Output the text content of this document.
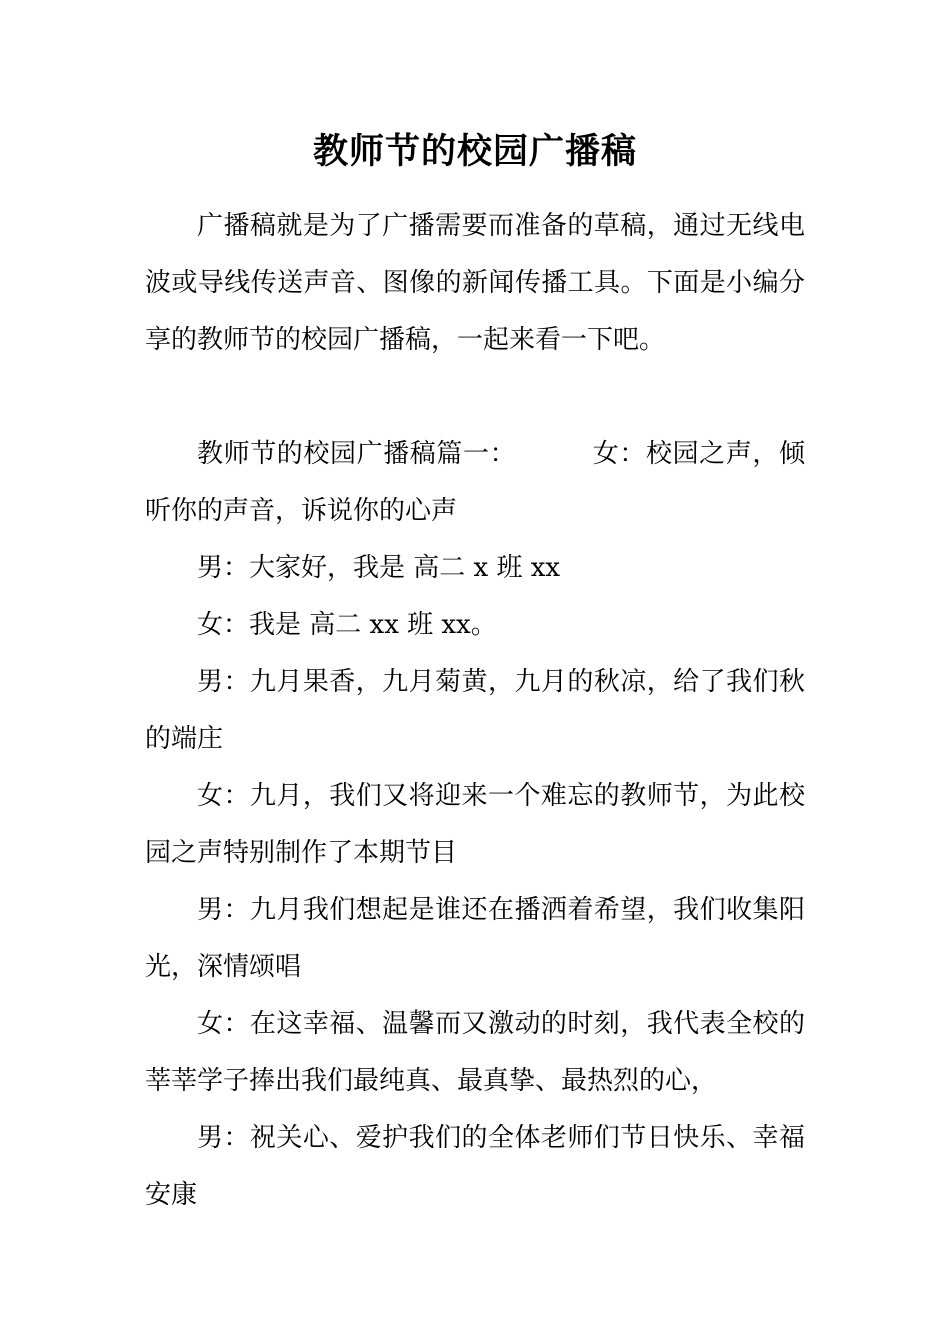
教师节的校园广播稿

广播稿就是为了广播需要而准备的草稿，通过无线电波或导线传送声音、图像的新闻传播工具。下面是小编分享的教师节的校园广播稿，一起来看一下吧。

教师节的校园广播稿篇一：	女：校园之声，倾听你的声音，诉说你的心声

男：大家好，我是 高二 x 班 xx

女：我是 高二 xx 班 xx。

男：九月果香，九月菊黄，九月的秋凉，给了我们秋的端庄

女：九月，我们又将迎来一个难忘的教师节，为此校园之声特别制作了本期节目

男：九月我们想起是谁还在播洒着希望，我们收集阳光，深情颂唱

女：在这幸福、温馨而又激动的时刻，我代表全校的莘莘学子捧出我们最纯真、最真挚、最热烈的心，

男：祝关心、爱护我们的全体老师们节日快乐、幸福安康
